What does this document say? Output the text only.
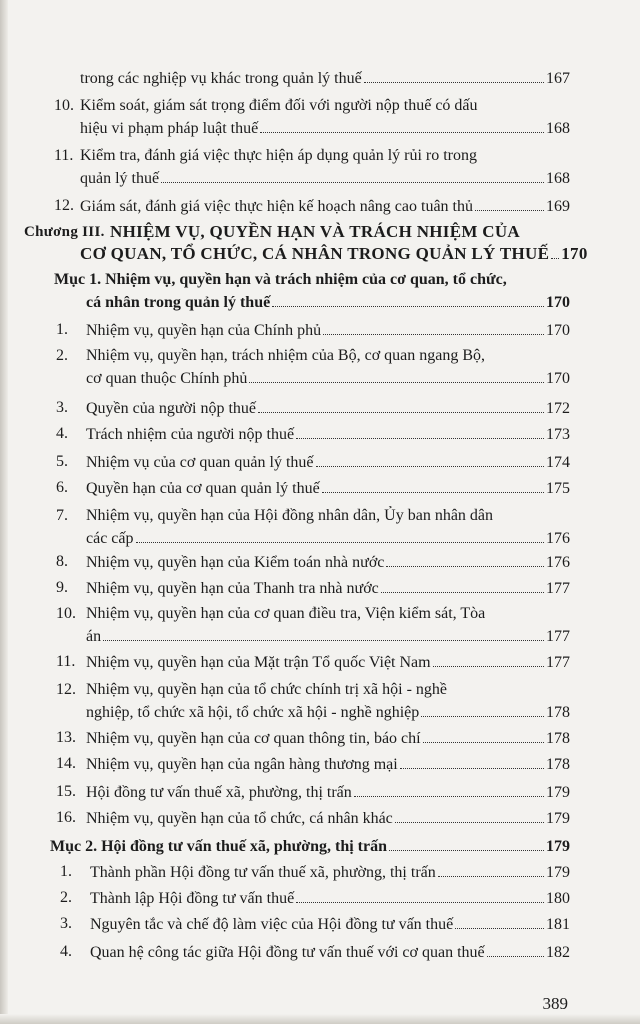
trong các nghiệp vụ khác trong quản lý thuế	167
10. Kiểm soát, giám sát trọng điểm đối với người nộp thuế có dấu
hiệu vi phạm pháp luật thuế	168
11. Kiểm tra, đánh giá việc thực hiện áp dụng quản lý rủi ro trong
quản lý thuế	168
12. Giám sát, đánh giá việc thực hiện kế hoạch nâng cao tuân thủ	169
Chương III. NHIỆM VỤ, QUYỀN HẠN VÀ TRÁCH NHIỆM CỦA
CƠ QUAN, TỔ CHỨC, CÁ NHÂN TRONG QUẢN LÝ THUẾ 170
Mục 1. Nhiệm vụ, quyền hạn và trách nhiệm của cơ quan, tổ chức,
cá nhân trong quản lý thuế	170
1. Nhiệm vụ, quyền hạn của Chính phủ	170
2. Nhiệm vụ, quyền hạn, trách nhiệm của Bộ, cơ quan ngang Bộ,
cơ quan thuộc Chính phủ	170
3. Quyền của người nộp thuế	172
4. Trách nhiệm của người nộp thuế	173
5. Nhiệm vụ của cơ quan quản lý thuế	174
6. Quyền hạn của cơ quan quản lý thuế	175
7. Nhiệm vụ, quyền hạn của Hội đồng nhân dân, Ủy ban nhân dân
các cấp	176
8. Nhiệm vụ, quyền hạn của Kiểm toán nhà nước	176
9. Nhiệm vụ, quyền hạn của Thanh tra nhà nước	177
10. Nhiệm vụ, quyền hạn của cơ quan điều tra, Viện kiểm sát, Tòa
án	177
11. Nhiệm vụ, quyền hạn của Mặt trận Tổ quốc Việt Nam	177
12. Nhiệm vụ, quyền hạn của tổ chức chính trị xã hội - nghề
nghiệp, tổ chức xã hội, tổ chức xã hội - nghề nghiệp	178
13. Nhiệm vụ, quyền hạn của cơ quan thông tin, báo chí	178
14. Nhiệm vụ, quyền hạn của ngân hàng thương mại	178
15. Hội đồng tư vấn thuế xã, phường, thị trấn	179
16. Nhiệm vụ, quyền hạn của tổ chức, cá nhân khác	179
Mục 2. Hội đồng tư vấn thuế xã, phường, thị trấn	179
1. Thành phần Hội đồng tư vấn thuế xã, phường, thị trấn	179
2. Thành lập Hội đồng tư vấn thuế	180
3. Nguyên tắc và chế độ làm việc của Hội đồng tư vấn thuế	181
4. Quan hệ công tác giữa Hội đồng tư vấn thuế với cơ quan thuế	182
389
